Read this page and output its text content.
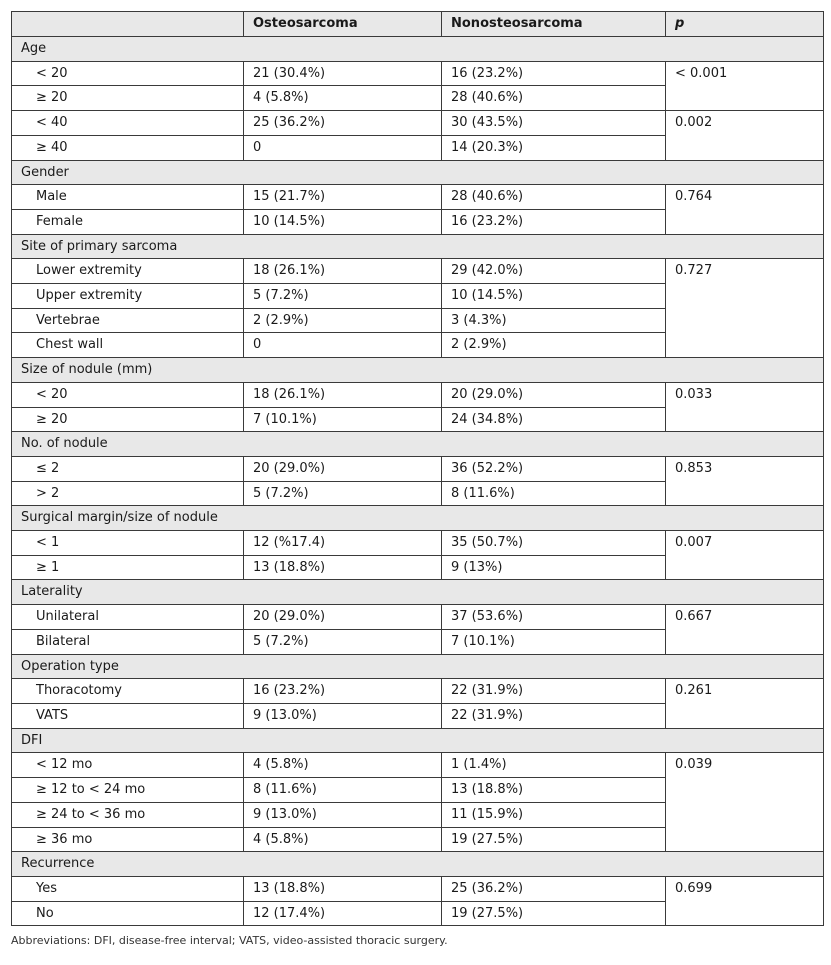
	Osteosarcoma	Nonosteosarcoma	p
Age			
< 20	21 (30.4%)	16 (23.2%)	< 0.001
≥ 20	4 (5.8%)	28 (40.6%)	
< 40	25 (36.2%)	30 (43.5%)	0.002
≥ 40	0	14 (20.3%)	
Gender			
Male	15 (21.7%)	28 (40.6%)	0.764
Female	10 (14.5%)	16 (23.2%)	
Site of primary sarcoma			
Lower extremity	18 (26.1%)	29 (42.0%)	0.727
Upper extremity	5 (7.2%)	10 (14.5%)	
Vertebrae	2 (2.9%)	3 (4.3%)	
Chest wall	0	2 (2.9%)	
Size of nodule (mm)			
< 20	18 (26.1%)	20 (29.0%)	0.033
≥ 20	7 (10.1%)	24 (34.8%)	
No. of nodule			
≤ 2	20 (29.0%)	36 (52.2%)	0.853
> 2	5 (7.2%)	8 (11.6%)	
Surgical margin/size of nodule			
< 1	12 (%17.4)	35 (50.7%)	0.007
≥ 1	13 (18.8%)	9 (13%)	
Laterality			
Unilateral	20 (29.0%)	37 (53.6%)	0.667
Bilateral	5 (7.2%)	7 (10.1%)	
Operation type			
Thoracotomy	16 (23.2%)	22 (31.9%)	0.261
VATS	9 (13.0%)	22 (31.9%)	
DFI			
< 12 mo	4 (5.8%)	1 (1.4%)	0.039
≥ 12 to < 24 mo	8 (11.6%)	13 (18.8%)	
≥ 24 to < 36 mo	9 (13.0%)	11 (15.9%)	
≥ 36 mo	4 (5.8%)	19 (27.5%)	
Recurrence			
Yes	13 (18.8%)	25 (36.2%)	0.699
No	12 (17.4%)	19 (27.5%)	
Abbreviations: DFI, disease-free interval; VATS, video-assisted thoracic surgery.
